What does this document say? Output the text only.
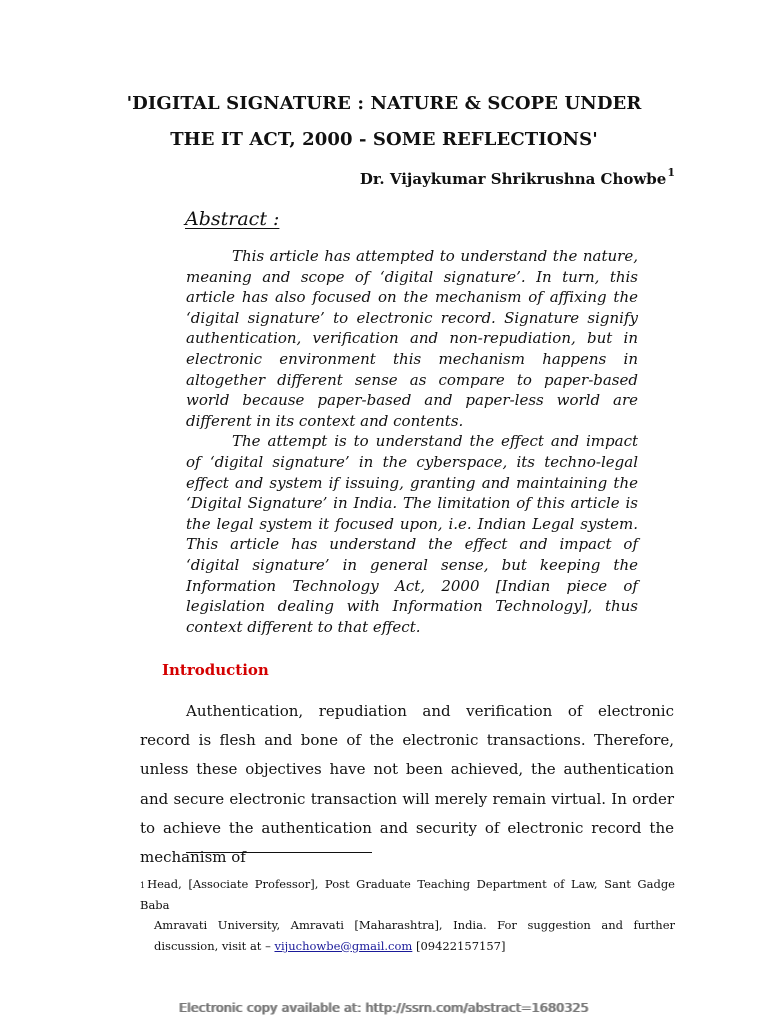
'DIGITAL SIGNATURE : NATURE & SCOPE UNDER
THE IT ACT, 2000 - SOME REFLECTIONS'
Dr. Vijaykumar Shrikrushna Chowbe$^1$
Abstract :

This article has attempted to understand the nature, meaning and scope of ‘digital signature’. In turn, this article has also focused on the mechanism of affixing the ‘digital signature’ to electronic record. Signature signify authentication, verification and non-repudiation, but in electronic environment this mechanism happens in altogether different sense as compare to paper-based world because paper-based and paper-less world are different in its context and contents.

The attempt is to understand the effect and impact of ‘digital signature’ in the cyberspace, its techno-legal effect and system if issuing, granting and maintaining the ‘Digital Signature’ in India. The limitation of this article is the legal system it focused upon, i.e. Indian Legal system. This article has understand the effect and impact of ‘digital signature’ in general sense, but keeping the Information Technology Act, 2000 [Indian piece of legislation dealing with Information Technology], thus context different to that effect.

Introduction

Authentication, repudiation and verification of electronic record is flesh and bone of the electronic transactions. Therefore, unless these objectives have not been achieved, the authentication and secure electronic transaction will merely remain virtual. In order to achieve the authentication and security of electronic record the mechanism of

$^1$ Head, [Associate Professor], Post Graduate Teaching Department of Law, Sant Gadge Baba
Amravati University, Amravati [Maharashtra], India. For suggestion and further discussion, visit at – vijuchowbe@gmail.com [09422157157]
Electronic copy available at: http://ssrn.com/abstract=1680325
